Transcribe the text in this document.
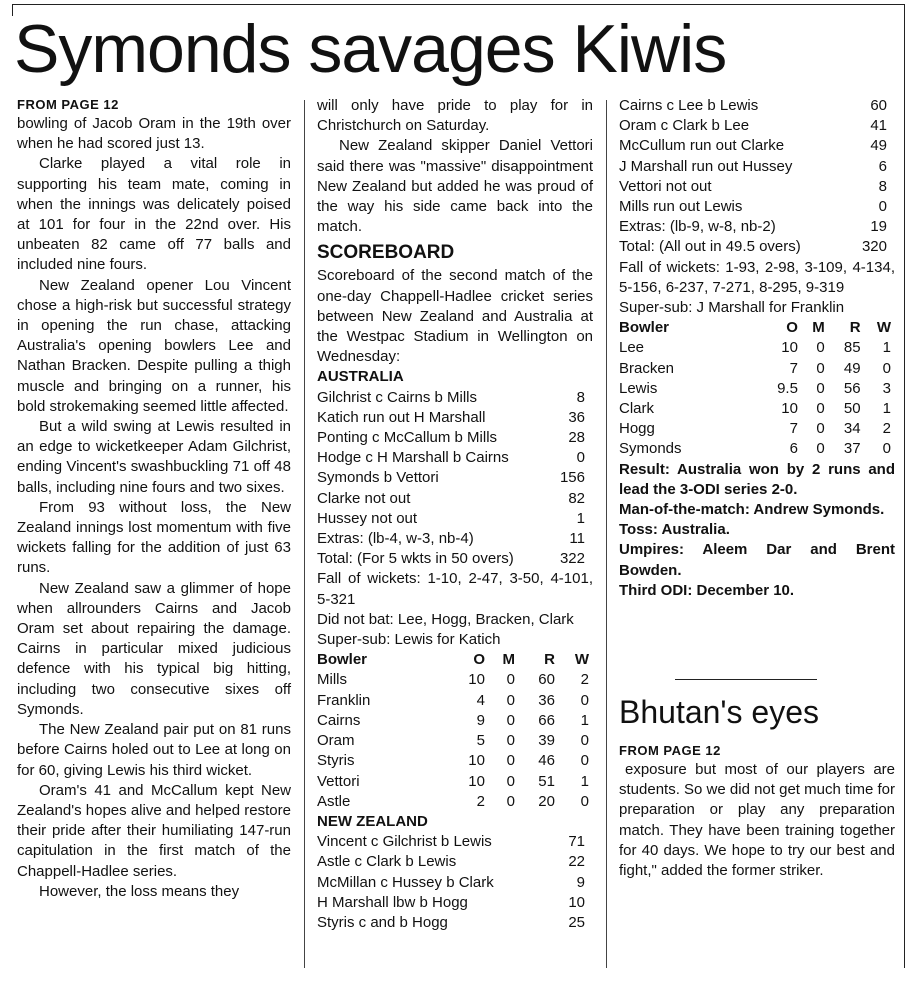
Symonds savages Kiwis

FROM PAGE 12

bowling of Jacob Oram in the 19th over when he had scored just 13.

Clarke played a vital role in supporting his team mate, coming in when the innings was delicately poised at 101 for four in the 22nd over. His unbeaten 82 came off 77 balls and included nine fours.

New Zealand opener Lou Vincent chose a high-risk but successful strategy in opening the run chase, attacking Australia's opening bowlers Lee and Nathan Bracken. Despite pulling a thigh muscle and bringing on a runner, his bold strokemaking seemed little affected.

But a wild swing at Lewis resulted in an edge to wicketkeeper Adam Gilchrist, ending Vincent's swashbuckling 71 off 48 balls, including nine fours and two sixes.

From 93 without loss, the New Zealand innings lost momentum with five wickets falling for the addition of just 63 runs.

New Zealand saw a glimmer of hope when allrounders Cairns and Jacob Oram set about repairing the damage. Cairns in particular mixed judicious defence with his typical big hitting, including two consecutive sixes off Symonds.

The New Zealand pair put on 81 runs before Cairns holed out to Lee at long on for 60, giving Lewis his third wicket.

Oram's 41 and McCallum kept New Zealand's hopes alive and helped restore their pride after their humiliating 147-run capitulation in the first match of the Chappell-Hadlee series.

However, the loss means they

will only have pride to play for in Christchurch on Saturday.

New Zealand skipper Daniel Vettori said there was "massive" disappointment New Zealand but added he was proud of the way his side came back into the match.

SCOREBOARD

Scoreboard of the second match of the one-day Chappell-Hadlee cricket series between New Zealand and Australia at the Westpac Stadium in Wellington on Wednesday:

AUSTRALIA

Gilchrist c Cairns b Mills	8
Katich run out H Marshall	36
Ponting c McCallum b Mills	28
Hodge c H Marshall b Cairns	0
Symonds b Vettori	156
Clarke not out	82
Hussey not out	1
Extras: (lb-4, w-3, nb-4)	11
Total: (For 5 wkts in 50 overs)	322

Fall of wickets: 1-10, 2-47, 3-50, 4-101, 5-321

Did not bat: Lee, Hogg, Bracken, Clark

Super-sub: Lewis for Katich

Bowler	O	M	R	W
Mills	10	0	60	2
Franklin	4	0	36	0
Cairns	9	0	66	1
Oram	5	0	39	0
Styris	10	0	46	0
Vettori	10	0	51	1
Astle	2	0	20	0

NEW ZEALAND

Vincent c Gilchrist b Lewis	71
Astle c Clark b Lewis	22
McMillan c Hussey b Clark	9
H Marshall lbw b Hogg	10
Styris c and b Hogg	25
Cairns c Lee b Lewis	60
Oram c Clark b Lee	41
McCullum run out Clarke	49
J Marshall run out Hussey	6
Vettori not out	8
Mills run out Lewis	0
Extras: (lb-9, w-8, nb-2)	19
Total: (All out in 49.5 overs)	320

Fall of wickets: 1-93, 2-98, 3-109, 4-134, 5-156, 6-237, 7-271, 8-295, 9-319

Super-sub: J Marshall for Franklin

Bowler	O	M	R	W
Lee	10	0	85	1
Bracken	7	0	49	0
Lewis	9.5	0	56	3
Clark	10	0	50	1
Hogg	7	0	34	2
Symonds	6	0	37	0

Result: Australia won by 2 runs and lead the 3-ODI series 2-0.

Man-of-the-match: Andrew Symonds.

Toss: Australia.

Umpires: Aleem Dar and Brent Bowden.

Third ODI: December 10.

Bhutan's eyes

FROM PAGE 12

exposure but most of our players are students. So we did not get much time for preparation or play any preparation match. They have been training together for 40 days. We hope to try our best and fight," added the former striker.
